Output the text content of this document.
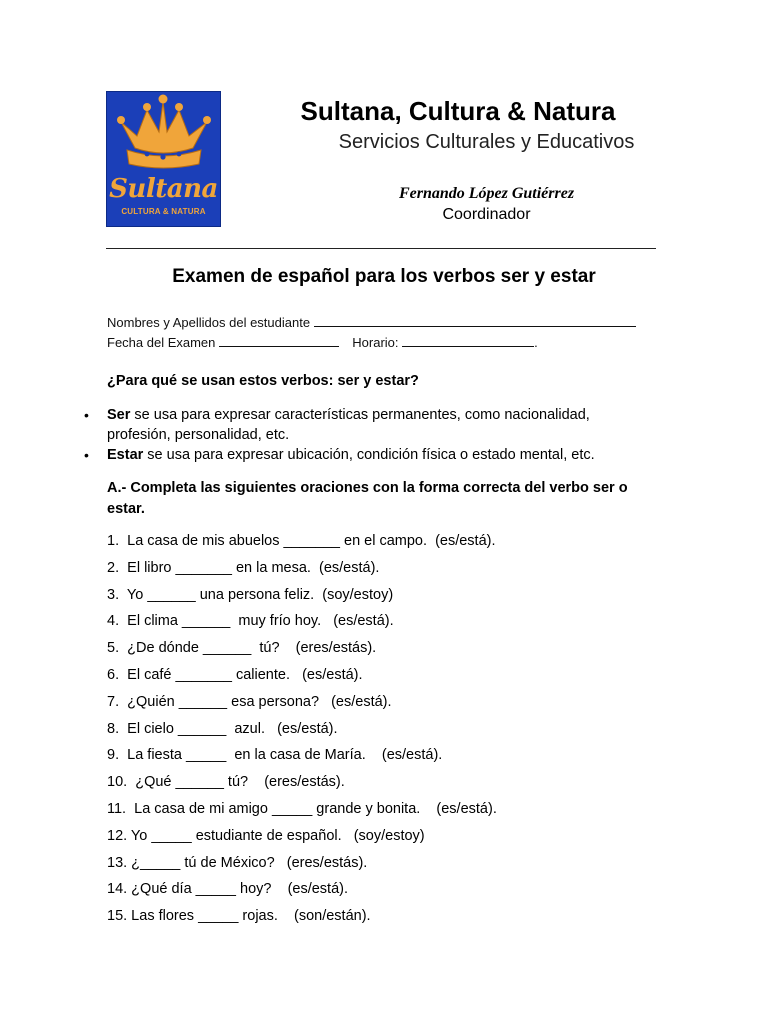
Sultana
CULTURA & NATURA
Sultana, Cultura & Natura
Servicios Culturales y Educativos
Fernando López Gutiérrez
Coordinador
Examen de español para los verbos ser y estar
Nombres y Apellidos del estudiante
Fecha del Examen	Horario:	.
¿Para qué se usan estos verbos: ser y estar?
• Ser se usa para expresar características permanentes, como nacionalidad, profesión, personalidad, etc.
• Estar se usa para expresar ubicación, condición física o estado mental, etc.
A.- Completa las siguientes oraciones con la forma correcta del verbo ser o estar.
1.  La casa de mis abuelos _______ en el campo.  (es/está).
2.  El libro _______ en la mesa.  (es/está).
3.  Yo ______ una persona feliz.  (soy/estoy)
4.  El clima ______  muy frío hoy.   (es/está).
5.  ¿De dónde ______  tú?    (eres/estás).
6.  El café _______ caliente.   (es/está).
7.  ¿Quién ______ esa persona?   (es/está).
8.  El cielo ______  azul.   (es/está).
9.  La fiesta _____  en la casa de María.    (es/está).
10.  ¿Qué ______ tú?    (eres/estás).
11.  La casa de mi amigo _____ grande y bonita.    (es/está).
12. Yo _____ estudiante de español.   (soy/estoy)
13. ¿_____ tú de México?   (eres/estás).
14. ¿Qué día _____ hoy?    (es/está).
15. Las flores _____ rojas.    (son/están).
